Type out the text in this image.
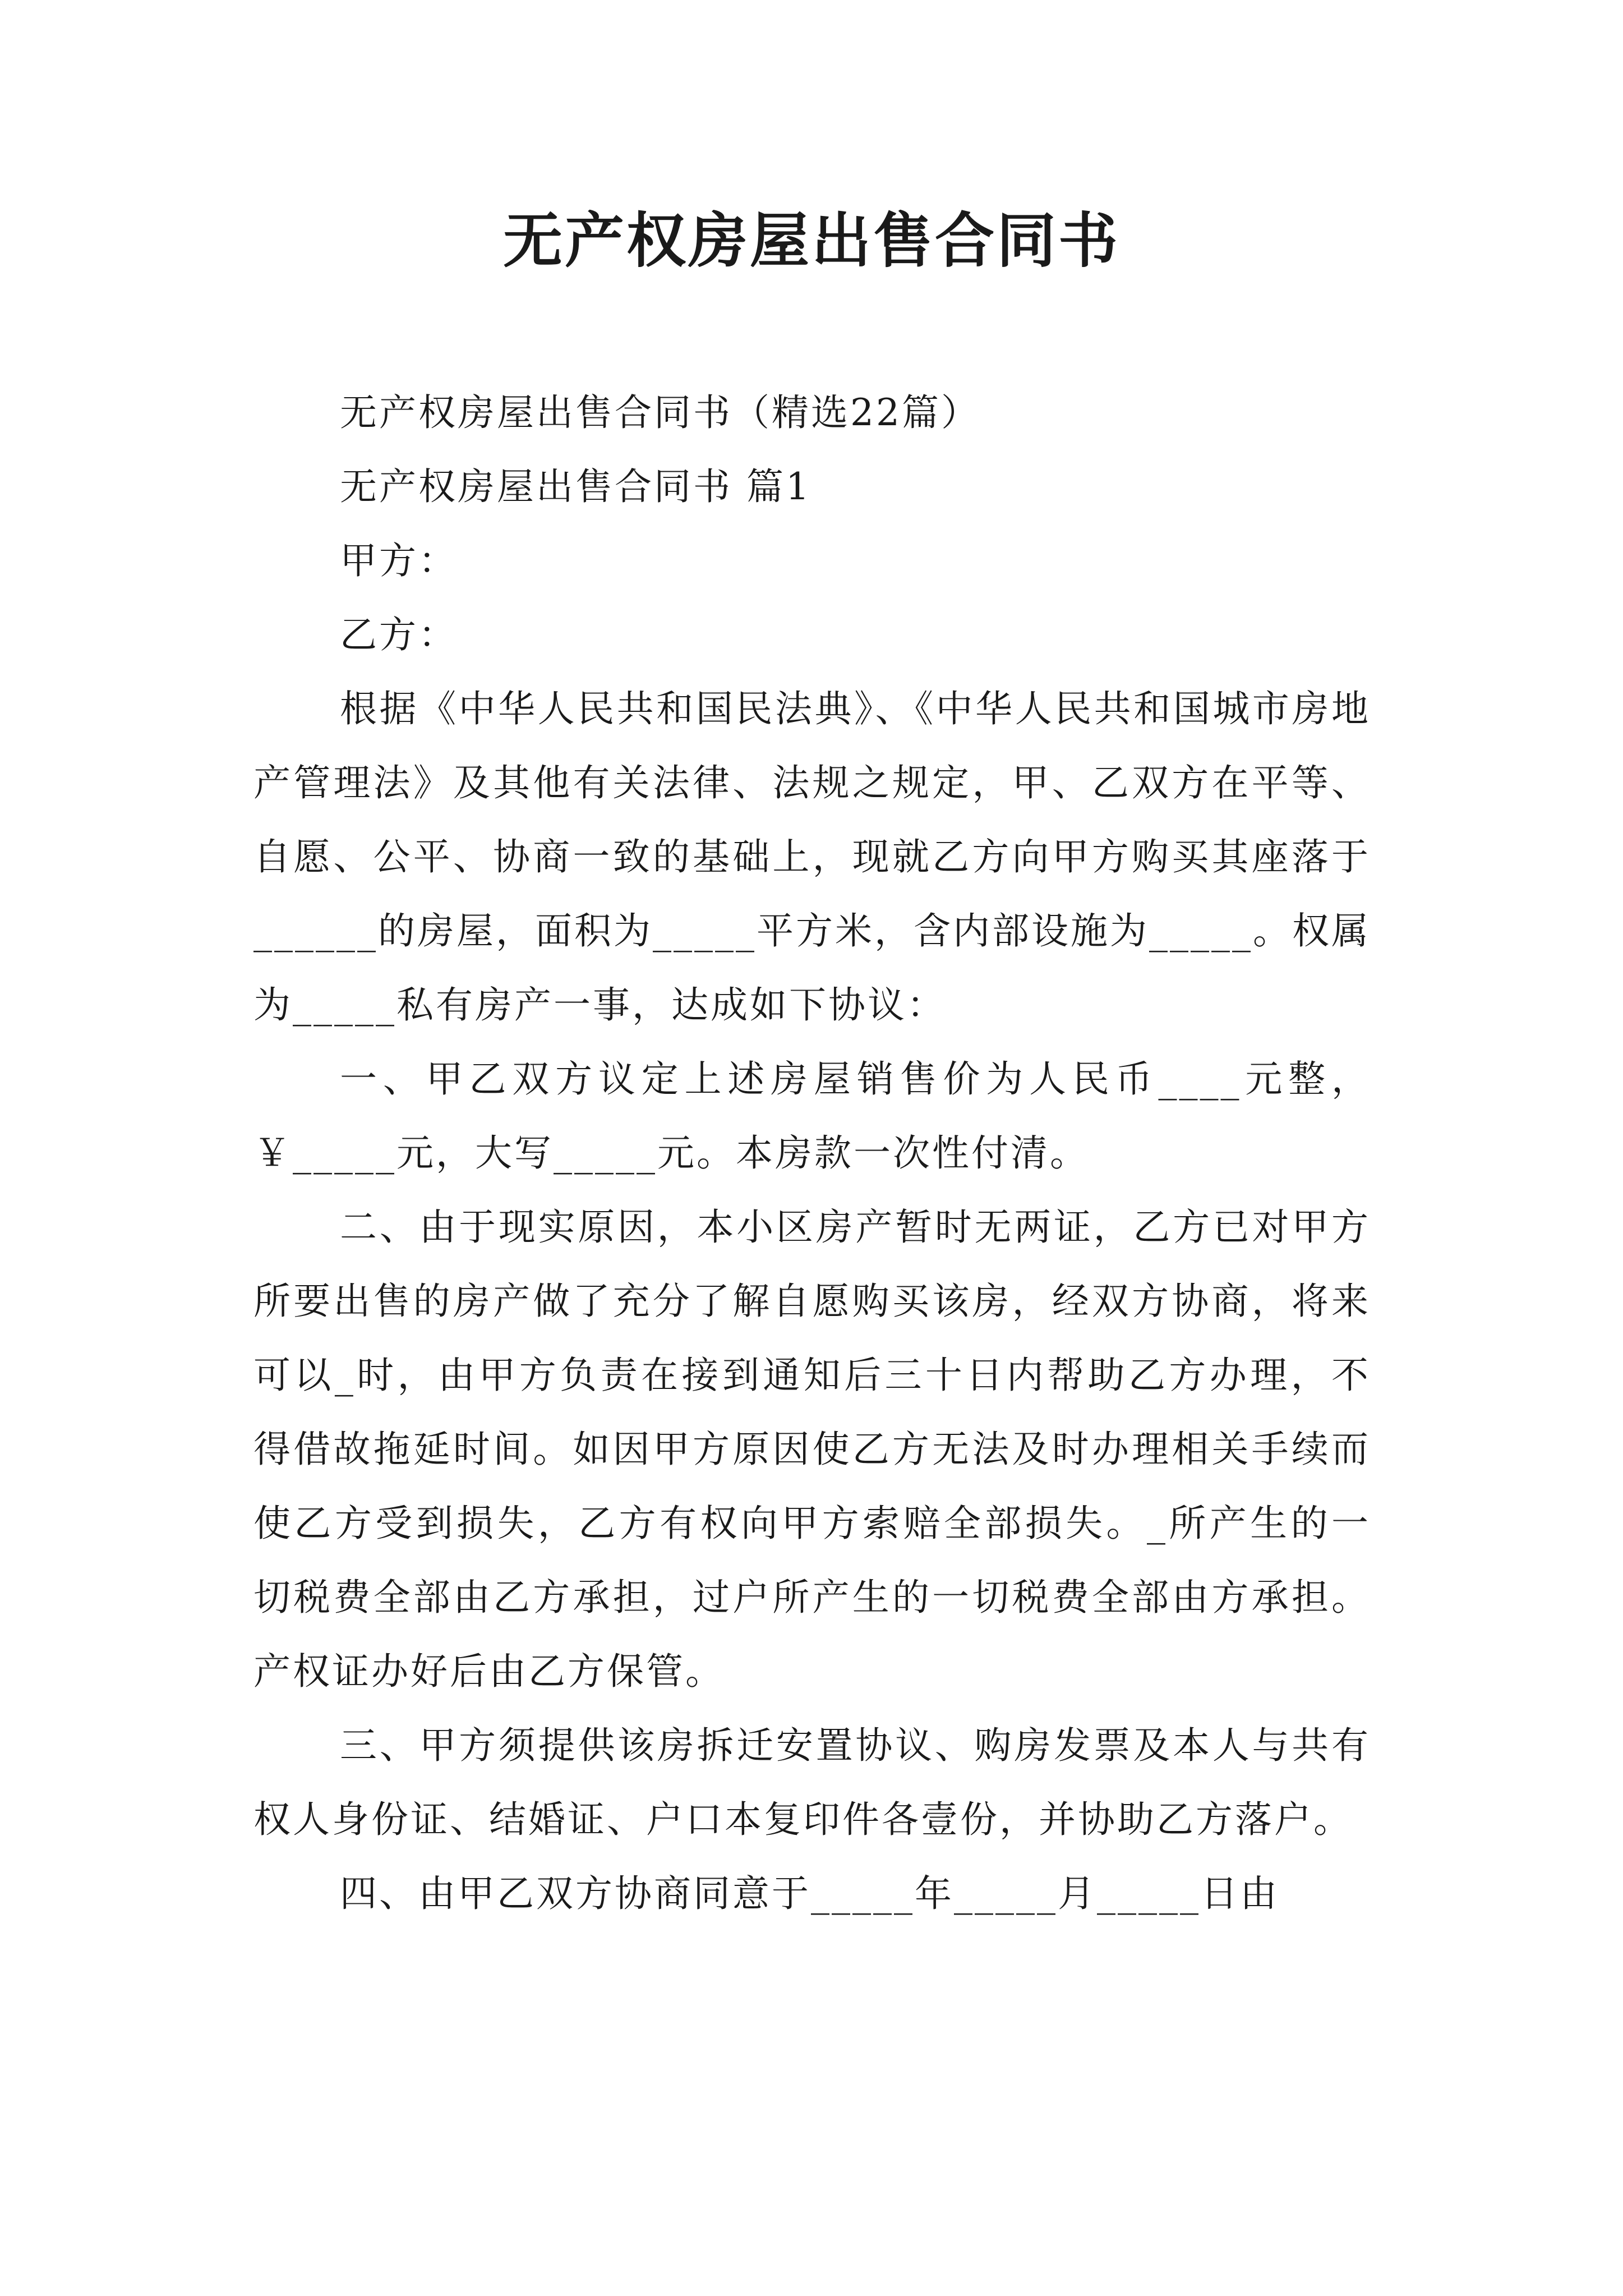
无产权房屋出售合同书

无产权房屋出售合同书（精选22篇）

无产权房屋出售合同书 篇1

甲方：

乙方：

根据《中华人民共和国民法典》、《中华人民共和国城市房地产管理法》及其他有关法律、法规之规定，甲、乙双方在平等、自愿、公平、协商一致的基础上，现就乙方向甲方购买其座落于______的房屋，面积为_____平方米，含内部设施为_____。权属为_____私有房产一事，达成如下协议：

一、甲乙双方议定上述房屋销售价为人民币____元整，￥_____元，大写_____元。本房款一次性付清。

二、由于现实原因，本小区房产暂时无两证，乙方已对甲方所要出售的房产做了充分了解自愿购买该房，经双方协商，将来可以_时，由甲方负责在接到通知后三十日内帮助乙方办理，不得借故拖延时间。如因甲方原因使乙方无法及时办理相关手续而使乙方受到损失，乙方有权向甲方索赔全部损失。_所产生的一切税费全部由乙方承担，过户所产生的一切税费全部由方承担。产权证办好后由乙方保管。

三、甲方须提供该房拆迁安置协议、购房发票及本人与共有权人身份证、结婚证、户口本复印件各壹份，并协助乙方落户。

四、由甲乙双方协商同意于_____年_____月_____日由
